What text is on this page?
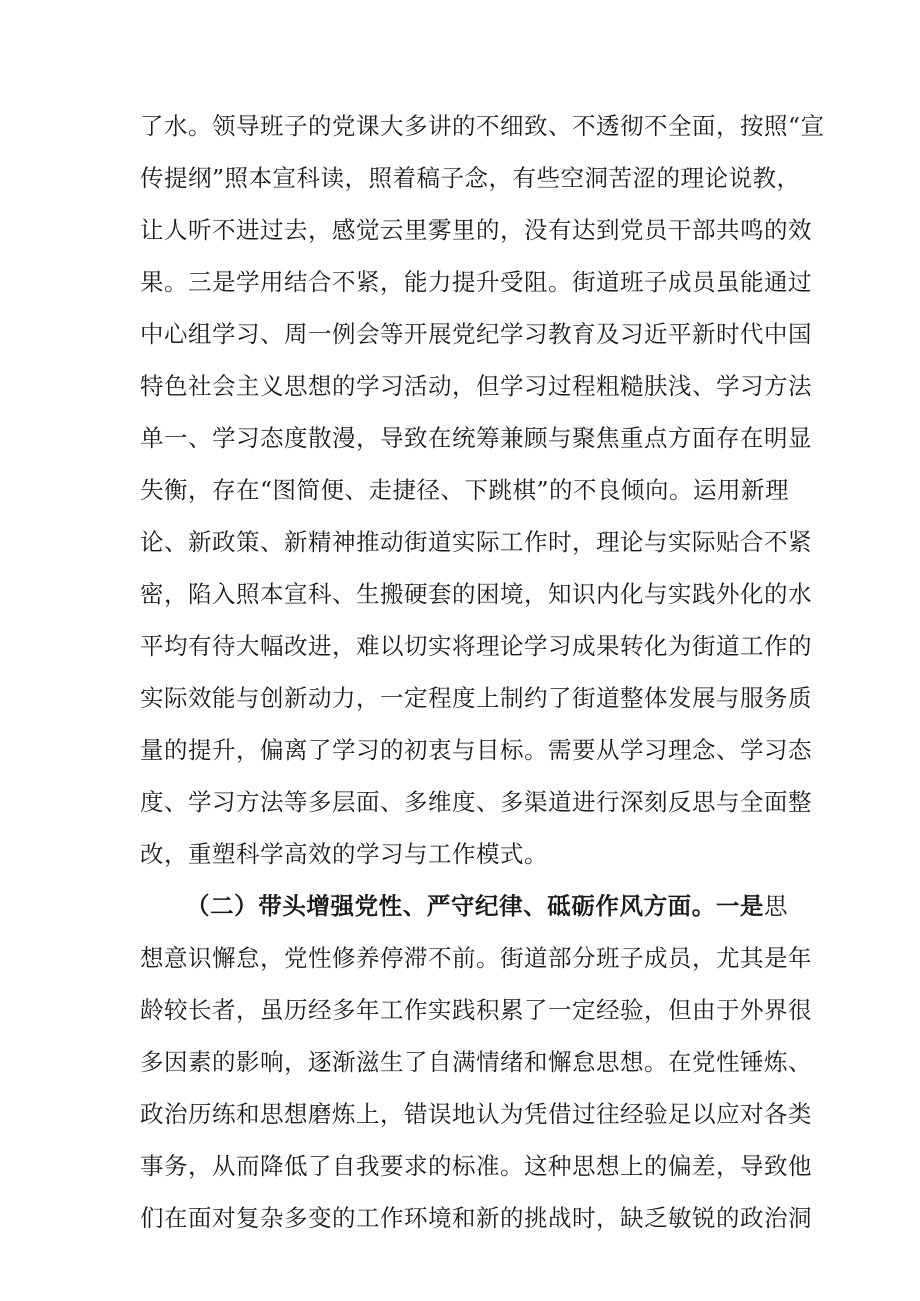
了水。领导班子的党课大多讲的不细致、不透彻不全面，按照“宣
传提纲”照本宣科读，照着稿子念，有些空洞苦涩的理论说教，
让人听不进过去，感觉云里雾里的，没有达到党员干部共鸣的效
果。三是学用结合不紧，能力提升受阻。街道班子成员虽能通过
中心组学习、周一例会等开展党纪学习教育及习近平新时代中国
特色社会主义思想的学习活动，但学习过程粗糙肤浅、学习方法
单一、学习态度散漫，导致在统筹兼顾与聚焦重点方面存在明显
失衡，存在“图简便、走捷径、下跳棋”的不良倾向。运用新理
论、新政策、新精神推动街道实际工作时，理论与实际贴合不紧
密，陷入照本宣科、生搬硬套的困境，知识内化与实践外化的水
平均有待大幅改进，难以切实将理论学习成果转化为街道工作的
实际效能与创新动力，一定程度上制约了街道整体发展与服务质
量的提升，偏离了学习的初衷与目标。需要从学习理念、学习态
度、学习方法等多层面、多维度、多渠道进行深刻反思与全面整
改，重塑科学高效的学习与工作模式。
（二）带头增强党性、严守纪律、砥砺作风方面。一是思
想意识懈怠，党性修养停滞不前。街道部分班子成员，尤其是年
龄较长者，虽历经多年工作实践积累了一定经验，但由于外界很
多因素的影响，逐渐滋生了自满情绪和懈怠思想。在党性锤炼、
政治历练和思想磨炼上，错误地认为凭借过往经验足以应对各类
事务，从而降低了自我要求的标准。这种思想上的偏差，导致他
们在面对复杂多变的工作环境和新的挑战时，缺乏敏锐的政治洞
